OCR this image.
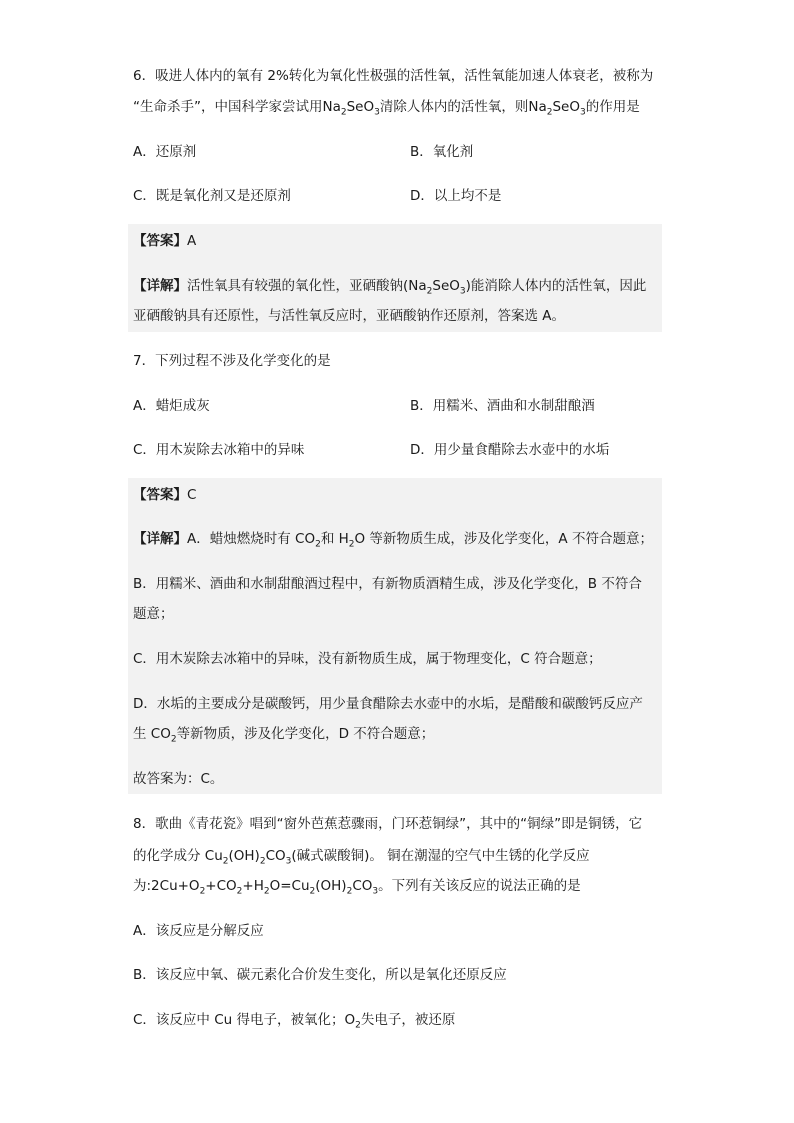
6．吸进人体内的氧有 2%转化为氧化性极强的活性氧，活性氧能加速人体衰老，被称为
“生命杀手”，中国科学家尝试用$Na_2SeO_3$清除人体内的活性氧，则$Na_2SeO_3$的作用是
A．还原剂	B．氧化剂
C．既是氧化剂又是还原剂	D．以上均不是
【答案】A
【详解】活性氧具有较强的氧化性，亚硒酸钠$(Na_2SeO_3)$能消除人体内的活性氧，因此
亚硒酸钠具有还原性，与活性氧反应时，亚硒酸钠作还原剂，答案选 A。
7．下列过程不涉及化学变化的是
A．蜡炬成灰	B．用糯米、酒曲和水制甜酿酒
C．用木炭除去冰箱中的异味	D．用少量食醋除去水壶中的水垢
【答案】C
【详解】A．蜡烛燃烧时有 $CO_2$和 $H_2O$ 等新物质生成，涉及化学变化，A 不符合题意；
B．用糯米、酒曲和水制甜酿酒过程中，有新物质酒精生成，涉及化学变化，B 不符合
题意；
C．用木炭除去冰箱中的异味，没有新物质生成，属于物理变化，C 符合题意；
D．水垢的主要成分是碳酸钙，用少量食醋除去水壶中的水垢，是醋酸和碳酸钙反应产
生 $CO_2$等新物质，涉及化学变化，D 不符合题意；
故答案为：C。
8．歌曲《青花瓷》唱到“窗外芭蕉惹骤雨，门环惹铜绿”，其中的“铜绿”即是铜锈，它
的化学成分 $Cu_2(OH)_2CO_3$(碱式碳酸铜)。 铜在潮湿的空气中生锈的化学反应
为$:2Cu+O_2+CO_2+H_2O=Cu_2(OH)_2CO_3$。下列有关该反应的说法正确的是
A．该反应是分解反应
B．该反应中氧、碳元素化合价发生变化，所以是氧化还原反应
C．该反应中 Cu 得电子，被氧化；$O_2$失电子，被还原
